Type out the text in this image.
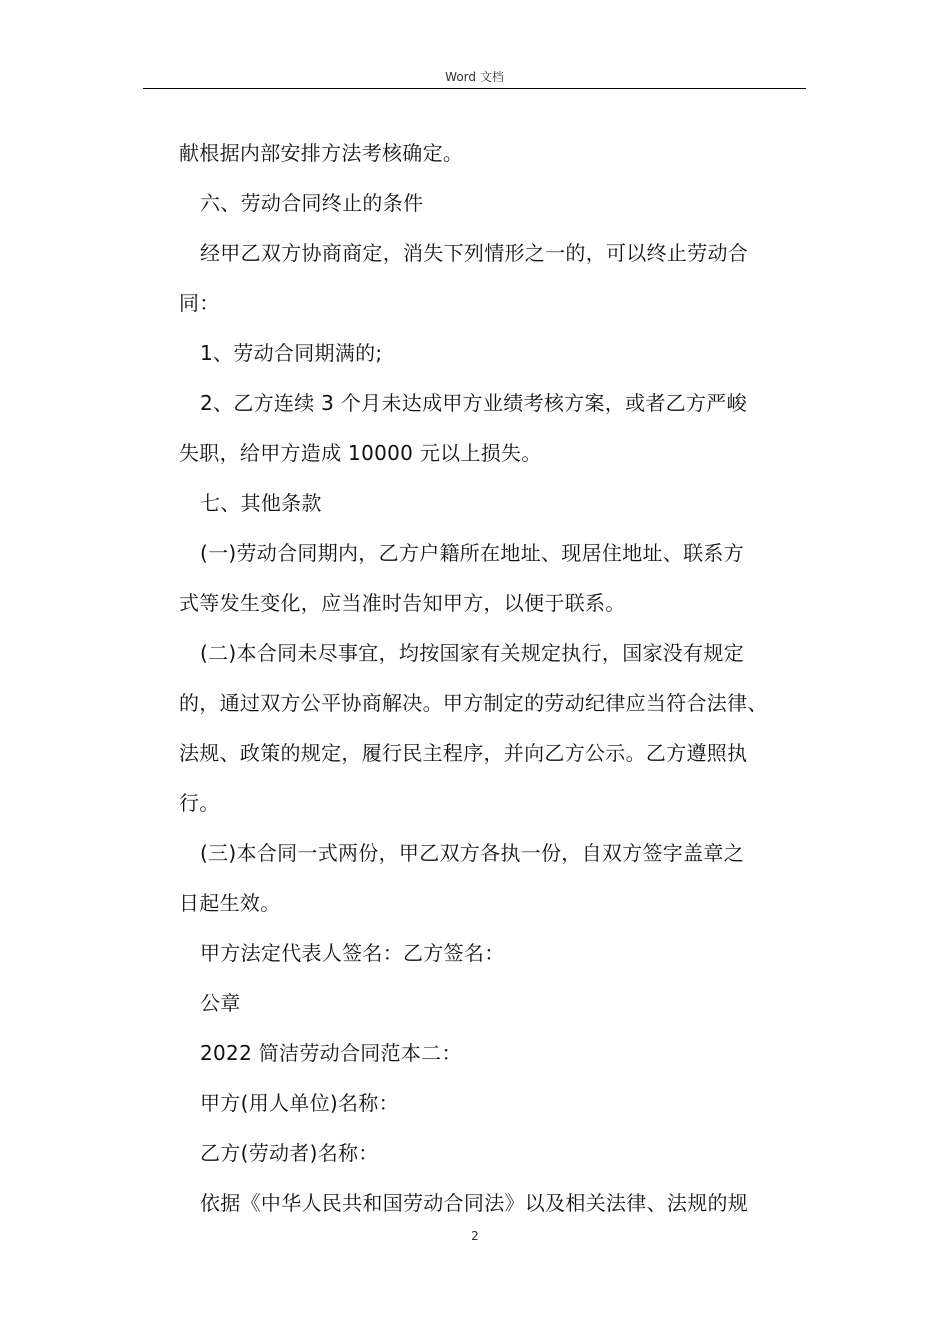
Word 文档
献根据内部安排方法考核确定。
六、劳动合同终止的条件
经甲乙双方协商商定，消失下列情形之一的，可以终止劳动合
同：
1、劳动合同期满的;
2、乙方连续 3 个月未达成甲方业绩考核方案，或者乙方严峻
失职，给甲方造成 10000 元以上损失。
七、其他条款
(一)劳动合同期内，乙方户籍所在地址、现居住地址、联系方
式等发生变化，应当准时告知甲方，以便于联系。
(二)本合同未尽事宜，均按国家有关规定执行，国家没有规定
的，通过双方公平协商解决。甲方制定的劳动纪律应当符合法律、
法规、政策的规定，履行民主程序，并向乙方公示。乙方遵照执
行。
(三)本合同一式两份，甲乙双方各执一份，自双方签字盖章之
日起生效。
甲方法定代表人签名：乙方签名：
公章
2022 简洁劳动合同范本二：
甲方(用人单位)名称：
乙方(劳动者)名称：
依据《中华人民共和国劳动合同法》以及相关法律、法规的规
2
